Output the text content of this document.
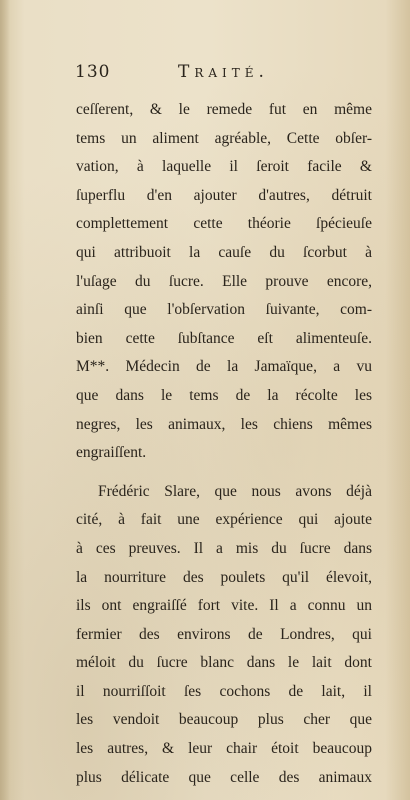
130	Traité.
ceſſerent, & le remede fut en même
tems un aliment agréable, Cette obſer-
vation, à laquelle il ſeroit facile &
ſuperflu d'en ajouter d'autres, détruit
complettement cette théorie ſpécieuſe
qui attribuoit la cauſe du ſcorbut à
l'uſage du ſucre. Elle prouve encore,
ainſi que l'obſervation ſuivante, com-
bien cette ſubſtance eſt alimenteuſe.
M**. Médecin de la Jamaïque, a vu
que dans le tems de la récolte les
negres, les animaux, les chiens mêmes
engraiſſent.
Frédéric Slare, que nous avons déjà
cité, à fait une expérience qui ajoute
à ces preuves. Il a mis du ſucre dans
la nourriture des poulets qu'il élevoit,
ils ont engraiſſé fort vite. Il a connu un
fermier des environs de Londres, qui
méloit du ſucre blanc dans le lait dont
il nourriſſoit ſes cochons de lait, il
les vendoit beaucoup plus cher que
les autres, & leur chair étoit beaucoup
plus délicate que celle des animaux
